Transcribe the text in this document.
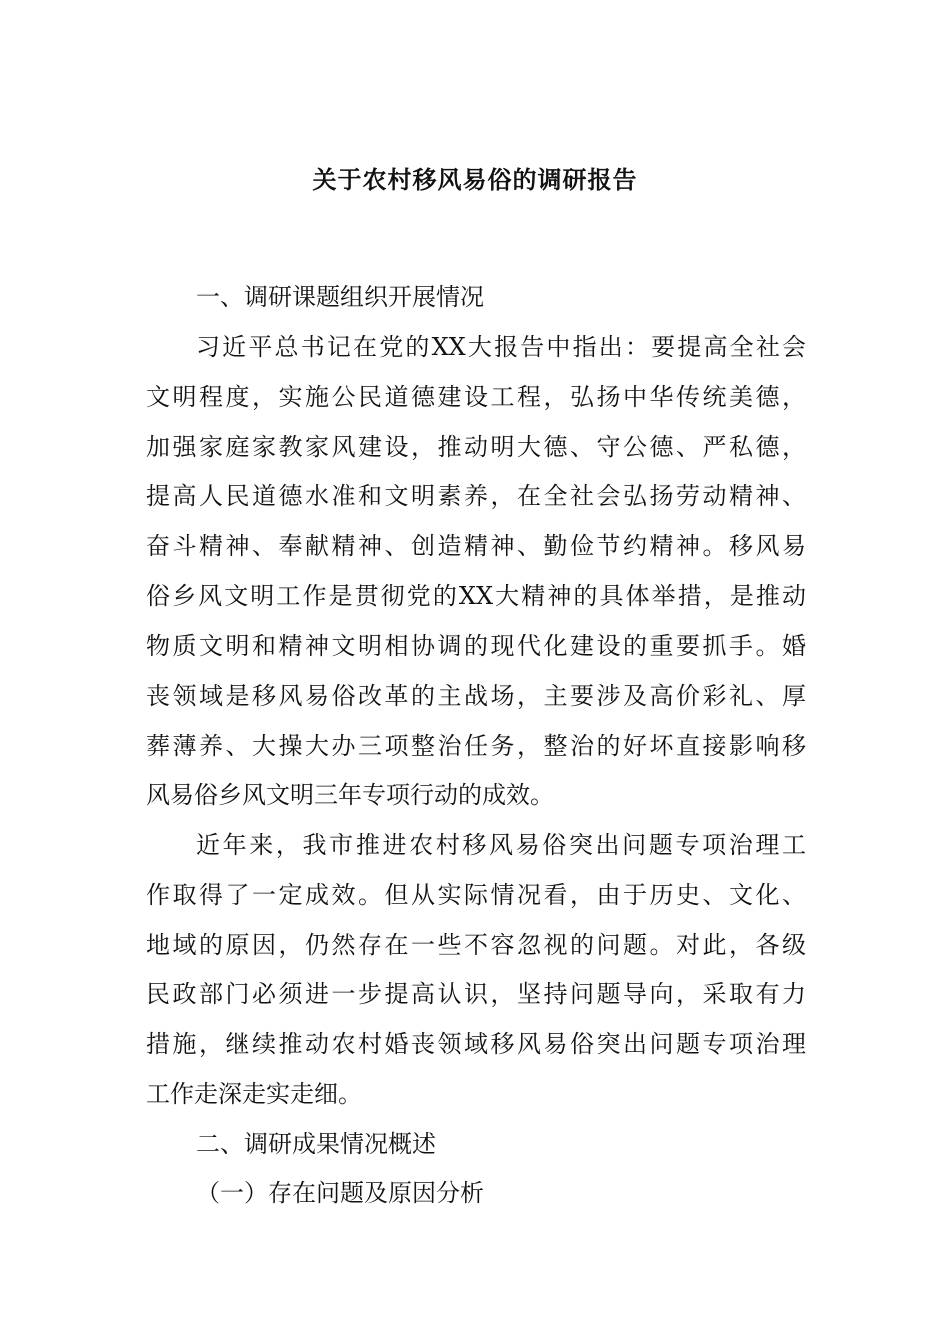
关于农村移风易俗的调研报告
一、调研课题组织开展情况
习近平总书记在党的XX大报告中指出：要提高全社会
文明程度，实施公民道德建设工程，弘扬中华传统美德，
加强家庭家教家风建设，推动明大德、守公德、严私德，
提高人民道德水准和文明素养，在全社会弘扬劳动精神、
奋斗精神、奉献精神、创造精神、勤俭节约精神。移风易
俗乡风文明工作是贯彻党的XX大精神的具体举措，是推动
物质文明和精神文明相协调的现代化建设的重要抓手。婚
丧领域是移风易俗改革的主战场，主要涉及高价彩礼、厚
葬薄养、大操大办三项整治任务，整治的好坏直接影响移
风易俗乡风文明三年专项行动的成效。
近年来，我市推进农村移风易俗突出问题专项治理工
作取得了一定成效。但从实际情况看，由于历史、文化、
地域的原因，仍然存在一些不容忽视的问题。对此，各级
民政部门必须进一步提高认识，坚持问题导向，采取有力
措施，继续推动农村婚丧领域移风易俗突出问题专项治理
工作走深走实走细。
二、调研成果情况概述
（一）存在问题及原因分析
